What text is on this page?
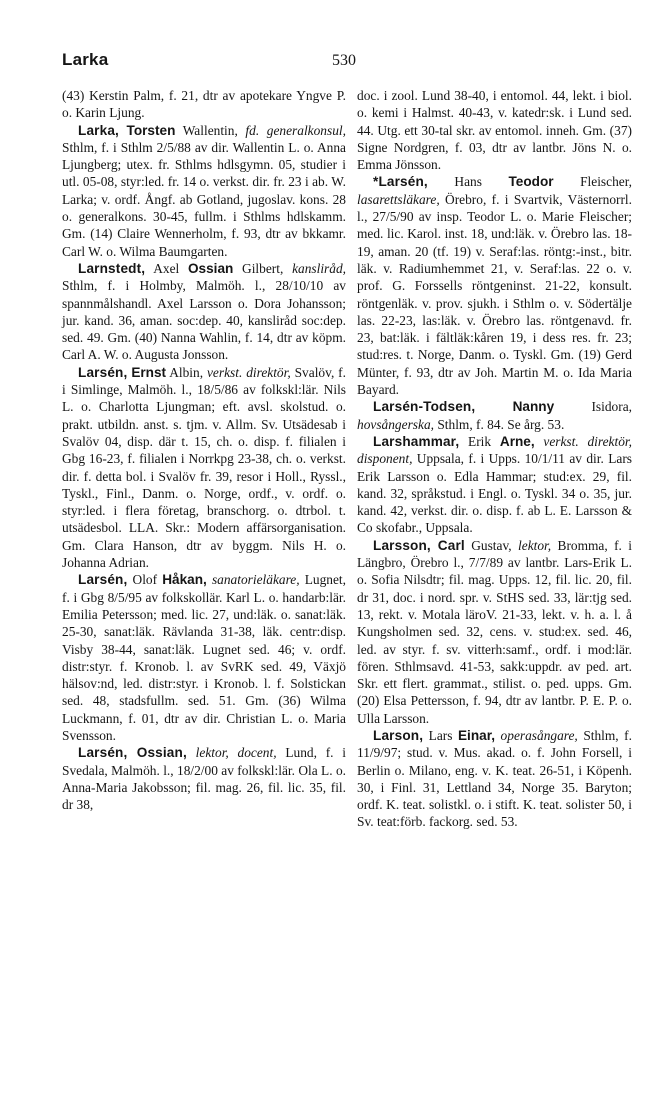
Larka	530

(43) Kerstin Palm, f. 21, dtr av apotekare Yngve P. o. Karin Ljung.

Larka, Torsten Wallentin, fd. generalkonsul, Sthlm, f. i Sthlm 2/5/88 av dir. Wallentin L. o. Anna Ljungberg; utex. fr. Sthlms hdlsgymn. 05, studier i utl. 05-08, styr:led. fr. 14 o. verkst. dir. fr. 23 i ab. W. Larka; v. ordf. Ångf. ab Gotland, jugoslav. kons. 28 o. generalkons. 30-45, fullm. i Sthlms hdlskamm. Gm. (14) Claire Wennerholm, f. 93, dtr av bkkamr. Carl W. o. Wilma Baumgarten.

Larnstedt, Axel Ossian Gilbert, kansliråd, Sthlm, f. i Holmby, Malmöh. l., 28/10/10 av spannmålshandl. Axel Larsson o. Dora Johansson; jur. kand. 36, aman. soc:dep. 40, kansliråd soc:dep. sed. 49. Gm. (40) Nanna Wahlin, f. 14, dtr av köpm. Carl A. W. o. Augusta Jonsson.

Larsén, Ernst Albin, verkst. direktör, Svalöv, f. i Simlinge, Malmöh. l., 18/5/86 av folkskl:lär. Nils L. o. Charlotta Ljungman; eft. avsl. skolstud. o. prakt. utbildn. anst. s. tjm. v. Allm. Sv. Utsädesab i Svalöv 04, disp. där t. 15, ch. o. disp. f. filialen i Gbg 16-23, f. filialen i Norrkpg 23-38, ch. o. verkst. dir. f. detta bol. i Svalöv fr. 39, resor i Holl., Ryssl., Tyskl., Finl., Danm. o. Norge, ordf., v. ordf. o. styr:led. i flera företag, branschorg. o. dtrbol. t. utsädesbol. LLA. Skr.: Modern affärsorganisation. Gm. Clara Hanson, dtr av byggm. Nils H. o. Johanna Adrian.

Larsén, Olof Håkan, sanatorieläkare, Lugnet, f. i Gbg 8/5/95 av folkskollär. Karl L. o. handarb:lär. Emilia Petersson; med. lic. 27, und:läk. o. sanat:läk. 25-30, sanat:läk. Rävlanda 31-38, läk. centr:disp. Visby 38-44, sanat:läk. Lugnet sed. 46; v. ordf. distr:styr. f. Kronob. l. av SvRK sed. 49, Växjö hälsov:nd, led. distr:styr. i Kronob. l. f. Solstickan sed. 48, stadsfullm. sed. 51. Gm. (36) Wilma Luckmann, f. 01, dtr av dir. Christian L. o. Maria Svensson.

Larsén, Ossian, lektor, docent, Lund, f. i Svedala, Malmöh. l., 18/2/00 av folkskl:lär. Ola L. o. Anna-Maria Jakobsson; fil. mag. 26, fil. lic. 35, fil. dr 38,

doc. i zool. Lund 38-40, i entomol. 44, lekt. i biol. o. kemi i Halmst. 40-43, v. katedr:sk. i Lund sed. 44. Utg. ett 30-tal skr. av entomol. inneh. Gm. (37) Signe Nordgren, f. 03, dtr av lantbr. Jöns N. o. Emma Jönsson.

*Larsén, Hans Teodor Fleischer, lasarettsläkare, Örebro, f. i Svartvik, Västernorrl. l., 27/5/90 av insp. Teodor L. o. Marie Fleischer; med. lic. Karol. inst. 18, und:läk. v. Örebro las. 18-19, aman. 20 (tf. 19) v. Seraf:las. röntg:-inst., bitr. läk. v. Radiumhemmet 21, v. Seraf:las. 22 o. v. prof. G. Forssells röntgeninst. 21-22, konsult. röntgenläk. v. prov. sjukh. i Sthlm o. v. Södertälje las. 22-23, las:läk. v. Örebro las. röntgenavd. fr. 23, bat:läk. i fältläk:kåren 19, i dess res. fr. 23; stud:res. t. Norge, Danm. o. Tyskl. Gm. (19) Gerd Münter, f. 93, dtr av Joh. Martin M. o. Ida Maria Bayard.

Larsén-Todsen,	Nanny Isidora, hovsångerska, Sthlm, f. 84. Se årg. 53.

Larshammar, Erik Arne, verkst. direktör, disponent, Uppsala, f. i Upps. 10/1/11 av dir. Lars Erik Larsson o. Edla Hammar; stud:ex. 29, fil. kand. 32, språkstud. i Engl. o. Tyskl. 34 o. 35, jur. kand. 42, verkst. dir. o. disp. f. ab L. E. Larsson & Co skofabr., Uppsala.

Larsson, Carl Gustav, lektor, Bromma, f. i Längbro, Örebro l., 7/7/89 av lantbr. Lars-Erik L. o. Sofia Nilsdtr; fil. mag. Upps. 12, fil. lic. 20, fil. dr 31, doc. i nord. spr. v. StHS sed. 33, lär:tjg sed. 13, rekt. v. Motala läroV. 21-33, lekt. v. h. a. l. å Kungsholmen sed. 32, cens. v. stud:ex. sed. 46, led. av styr. f. sv. vitterh:samf., ordf. i mod:lär. fören. Sthlmsavd. 41-53, sakk:uppdr. av ped. art. Skr. ett flert. grammat., stilist. o. ped. upps. Gm. (20) Elsa Pettersson, f. 94, dtr av lantbr. P. E. P. o. Ulla Larsson.

Larson, Lars Einar, operasångare, Sthlm, f. 11/9/97; stud. v. Mus. akad. o. f. John Forsell, i Berlin o. Milano, eng. v. K. teat. 26-51, i Köpenh. 30, i Finl. 31, Lettland 34, Norge 35. Baryton; ordf. K. teat. solistkl. o. i stift. K. teat. solister 50, i Sv. teat:förb. fackorg. sed. 53.
